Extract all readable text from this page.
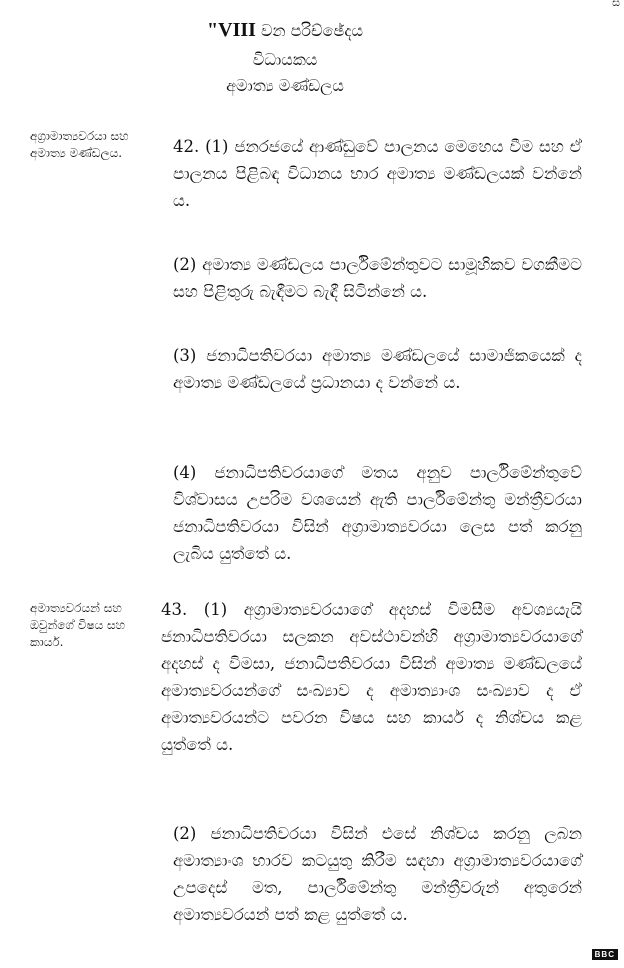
ස
"VIII වන පරිච්ඡේදය
විධායකය
අමාත්‍ය මණ්ඩලය
අග්‍රාමාත්‍යවරයා සහ අමාත්‍ය මණ්ඩලය.
අමාත්‍යවරයන් සහ ඔවුන්ගේ විෂය සහ කාර්ය.
42. (1) ජනරජයේ ආණ්ඩුවේ පාලනය මෙහෙය වීම සහ ඒ පාලනය පිළිබඳ විධානය භාර අමාත්‍ය මණ්ඩලයක් වන්නේ ය.
(2) අමාත්‍ය මණ්ඩලය පාර්ලිමේන්තුවට සාමූහිකව වගකීමට සහ පිළිතුරු බැඳීමට බැඳී සිටින්නේ ය.
(3) ජනාධිපතිවරයා අමාත්‍ය මණ්ඩලයේ සාමාජිකයෙක් ද අමාත්‍ය මණ්ඩලයේ ප්‍රධානයා ද වන්නේ ය.
(4) ජනාධිපතිවරයාගේ මතය අනුව පාර්ලිමේන්තුවේ විශ්වාසය උපරිම වශයෙන් ඇති පාර්ලිමේන්තු මන්ත්‍රීවරයා ජනාධිපතිවරයා විසින් අග්‍රාමාත්‍යවරයා ලෙස පත් කරනු ලැබිය යුත්තේ ය.
43. (1) අග්‍රාමාත්‍යවරයාගේ අදහස් විමසීම අවශ්‍යයැයි ජනාධිපතිවරයා සලකන අවස්ථාවන්හි අග්‍රාමාත්‍යවරයාගේ අදහස් ද විමසා, ජනාධිපතිවරයා විසින් අමාත්‍ය මණ්ඩලයේ අමාත්‍යවරයන්ගේ සංඛ්‍යාව ද අමාත්‍යාංශ සංඛ්‍යාව ද ඒ අමාත්‍යවරයන්ට පවරන විෂය සහ කාර්ය ද නිශ්චය කළ යුත්තේ ය.
(2) ජනාධිපතිවරයා විසින් එසේ නිශ්චය කරනු ලබන අමාත්‍යාංශ භාරව කටයුතු කිරීම සඳහා අග්‍රාමාත්‍යවරයාගේ උපදෙස් මත, පාර්ලිමේන්තු මන්ත්‍රීවරුන් අතුරෙන් අමාත්‍යවරයන් පත් කළ යුත්තේ ය.
BBC
